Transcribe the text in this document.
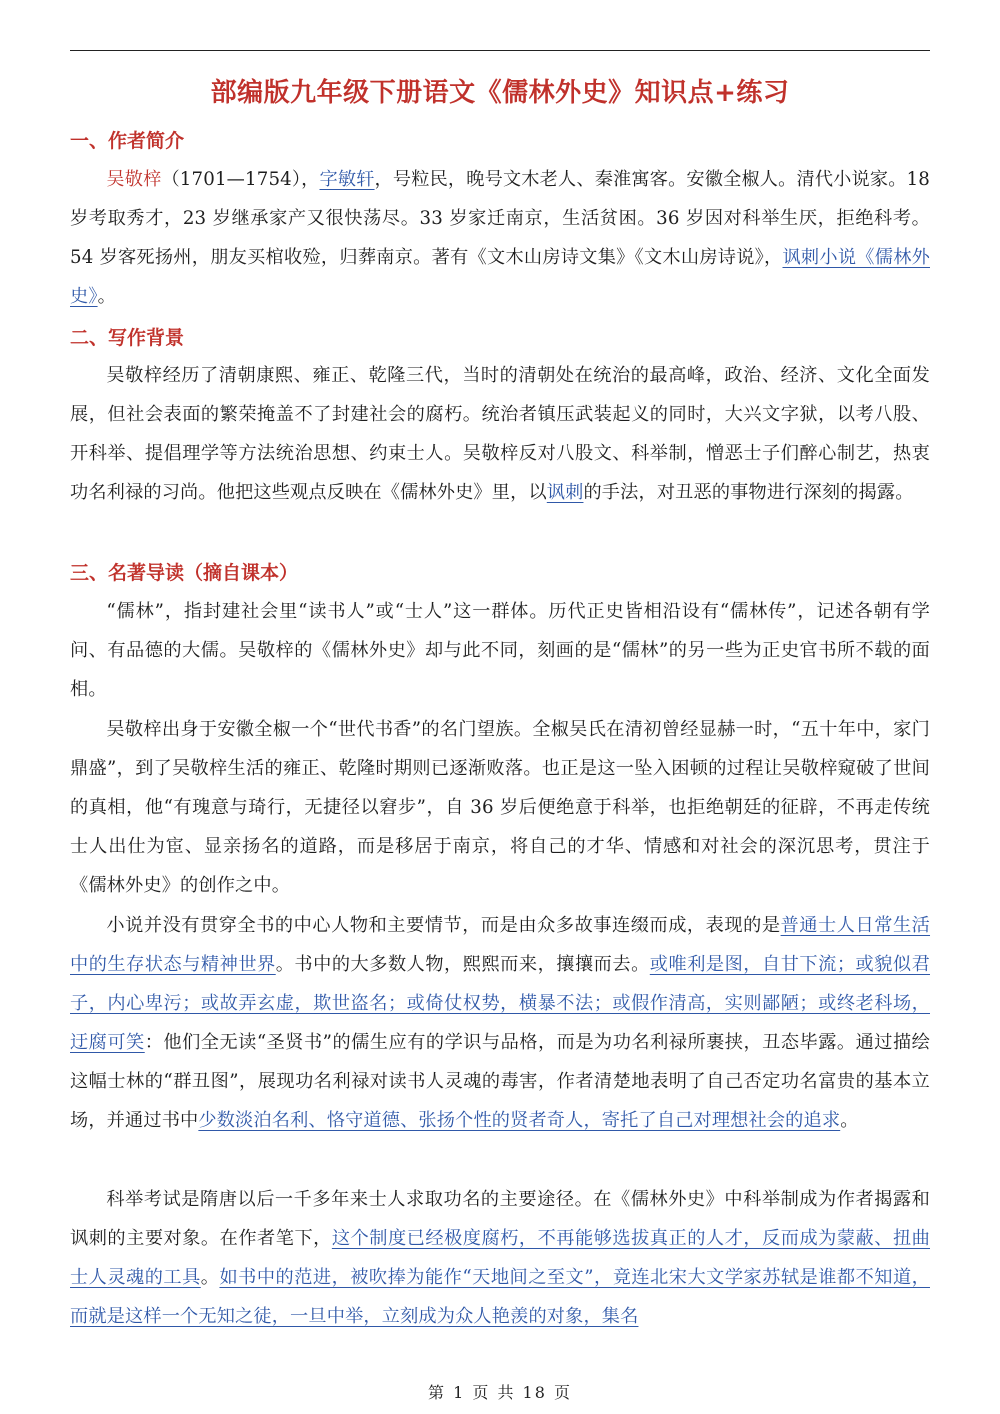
部编版九年级下册语文《儒林外史》知识点+练习
一、作者简介

吴敬梓（1701—1754），字敏轩，号粒民，晚号文木老人、秦淮寓客。安徽全椒人。清代小说家。18 岁考取秀才，23 岁继承家产又很快荡尽。33 岁家迁南京，生活贫困。36 岁因对科举生厌，拒绝科考。54 岁客死扬州，朋友买棺收殓，归葬南京。著有《文木山房诗文集》《文木山房诗说》，讽刺小说《儒林外史》。

二、写作背景

吴敬梓经历了清朝康熙、雍正、乾隆三代，当时的清朝处在统治的最高峰，政治、经济、文化全面发展，但社会表面的繁荣掩盖不了封建社会的腐朽。统治者镇压武装起义的同时，大兴文字狱，以考八股、开科举、提倡理学等方法统治思想、约束士人。吴敬梓反对八股文、科举制，憎恶士子们醉心制艺，热衷功名利禄的习尚。他把这些观点反映在《儒林外史》里，以讽刺的手法，对丑恶的事物进行深刻的揭露。

三、名著导读（摘自课本）

“儒林”，指封建社会里“读书人”或“士人”这一群体。历代正史皆相沿设有“儒林传”，记述各朝有学问、有品德的大儒。吴敬梓的《儒林外史》却与此不同，刻画的是“儒林”的另一些为正史官书所不载的面相。

吴敬梓出身于安徽全椒一个“世代书香”的名门望族。全椒吴氏在清初曾经显赫一时，“五十年中，家门鼎盛”，到了吴敬梓生活的雍正、乾隆时期则已逐渐败落。也正是这一坠入困顿的过程让吴敬梓窥破了世间的真相，他“有瑰意与琦行，无捷径以窘步”，自 36 岁后便绝意于科举，也拒绝朝廷的征辟，不再走传统士人出仕为宦、显亲扬名的道路，而是移居于南京，将自己的才华、情感和对社会的深沉思考，贯注于《儒林外史》的创作之中。

小说并没有贯穿全书的中心人物和主要情节，而是由众多故事连缀而成，表现的是普通士人日常生活中的生存状态与精神世界。书中的大多数人物，熙熙而来，攘攘而去。或唯利是图，自甘下流；或貌似君子，内心卑污；或故弄玄虚，欺世盗名；或倚仗权势，横暴不法；或假作清高，实则鄙陋；或终老科场，迂腐可笑：他们全无读“圣贤书”的儒生应有的学识与品格，而是为功名利禄所裹挟，丑态毕露。通过描绘这幅士林的“群丑图”，展现功名利禄对读书人灵魂的毒害，作者清楚地表明了自己否定功名富贵的基本立场，并通过书中少数淡泊名利、恪守道德、张扬个性的贤者奇人，寄托了自己对理想社会的追求。

科举考试是隋唐以后一千多年来士人求取功名的主要途径。在《儒林外史》中科举制成为作者揭露和讽刺的主要对象。在作者笔下，这个制度已经极度腐朽，不再能够选拔真正的人才，反而成为蒙蔽、扭曲士人灵魂的工具。如书中的范进，被吹捧为能作“天地间之至文”，竟连北宋大文学家苏轼是谁都不知道，而就是这样一个无知之徒，一旦中举，立刻成为众人艳羡的对象，集名

第 1 页 共 18 页
